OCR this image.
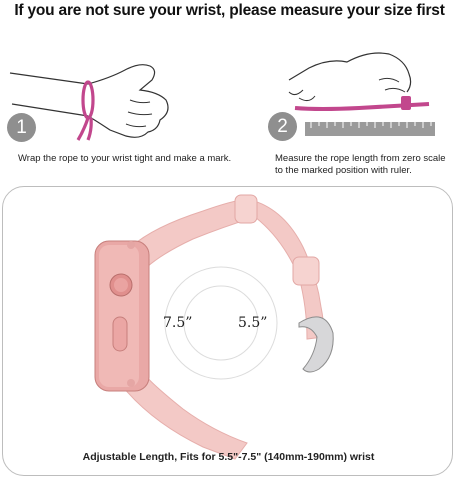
If you are not sure your wrist, please measure your size first
1
Wrap the rope to your wrist tight and make a mark.
2
Measure the rope length from zero scale
to the marked position with ruler.
7.5”	5.5”
Adjustable Length, Fits for 5.5"-7.5" (140mm-190mm) wrist
